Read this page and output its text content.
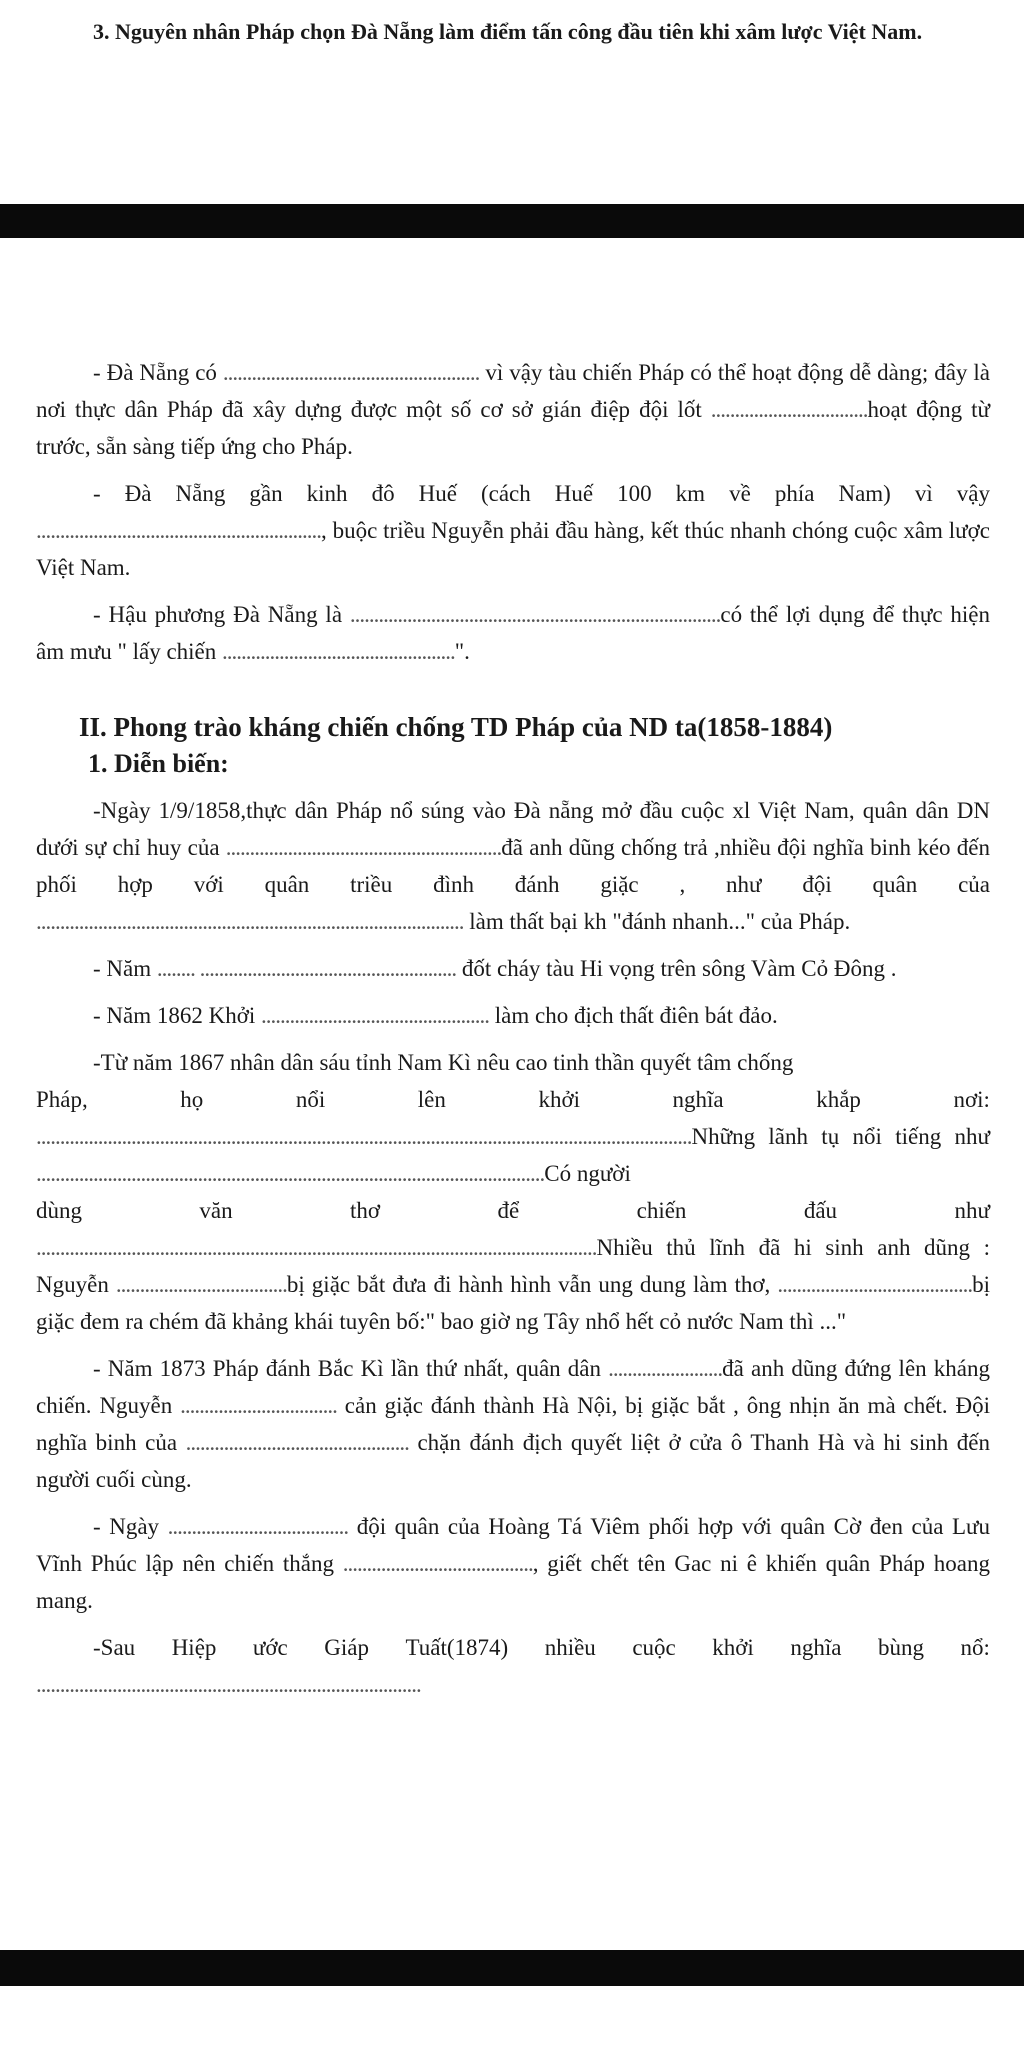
3. Nguyên nhân Pháp chọn Đà Nẵng làm điểm tấn công đầu tiên khi xâm lược Việt Nam.

- Đà Nẵng có ...................................................... vì vậy tàu chiến Pháp có thể hoạt động dễ dàng; đây là nơi thực dân Pháp đã xây dựng được một số cơ sở gián điệp đội lốt .................................hoạt động từ trước, sẵn sàng tiếp ứng cho Pháp.

- Đà Nẵng gần kinh đô Huế (cách Huế 100 km về phía Nam) vì vậy ............................................................, buộc triều Nguyễn phải đầu hàng, kết thúc nhanh chóng cuộc xâm lược Việt Nam.

- Hậu phương Đà Nẵng là ..............................................................................có thể lợi dụng để thực hiện âm mưu " lấy chiến .................................................".

II. Phong trào kháng chiến chống TD Pháp của ND ta(1858-1884)

1. Diễn biến:

-Ngày 1/9/1858,thực dân Pháp nổ súng vào Đà nẵng mở đầu cuộc xl Việt Nam, quân dân DN dưới sự chỉ huy của ..........................................................đã anh dũng chống trả ,nhiều đội nghĩa binh kéo đến phối hợp với quân triều đình đánh giặc , như đội quân của .......................................................................................... làm thất bại kh "đánh nhanh..." của Pháp.

- Năm ........ ...................................................... đốt cháy tàu Hi vọng trên sông Vàm Cỏ Đông .

- Năm 1862 Khởi ................................................ làm cho địch thất điên bát đảo.

-Từ năm 1867 nhân dân sáu tỉnh Nam Kì nêu cao tinh thần quyết tâm chống

Pháp,	họ	nổi	lên	khởi	nghĩa	khắp	nơi:

..........................................................................................................................................Những lãnh tụ nổi tiếng như ...........................................................................................................Có người

dùng	văn	thơ	để	chiến	đấu	như

......................................................................................................................Nhiều thủ lĩnh đã hi sinh anh dũng : Nguyễn ....................................bị giặc bắt đưa đi hành hình vẫn ung dung làm thơ, .........................................bị giặc đem ra chém đã khảng khái tuyên bố:" bao giờ ng Tây nhổ hết cỏ nước Nam thì ..."

- Năm 1873 Pháp đánh Bắc Kì lần thứ nhất, quân dân ........................đã anh dũng đứng lên kháng chiến. Nguyễn ................................. cản giặc đánh thành Hà Nội, bị giặc bắt , ông nhịn ăn mà chết. Đội nghĩa binh của ............................................... chặn đánh địch quyết liệt ở cửa ô Thanh Hà và hi sinh đến người cuối cùng.

- Ngày ...................................... đội quân của Hoàng Tá Viêm phối hợp với quân Cờ đen của Lưu Vĩnh Phúc lập nên chiến thắng ........................................, giết chết tên Gac ni ê khiến quân Pháp hoang mang.

-Sau Hiệp ước Giáp Tuất(1874) nhiều cuộc khởi nghĩa bùng nổ:

.................................................................................
